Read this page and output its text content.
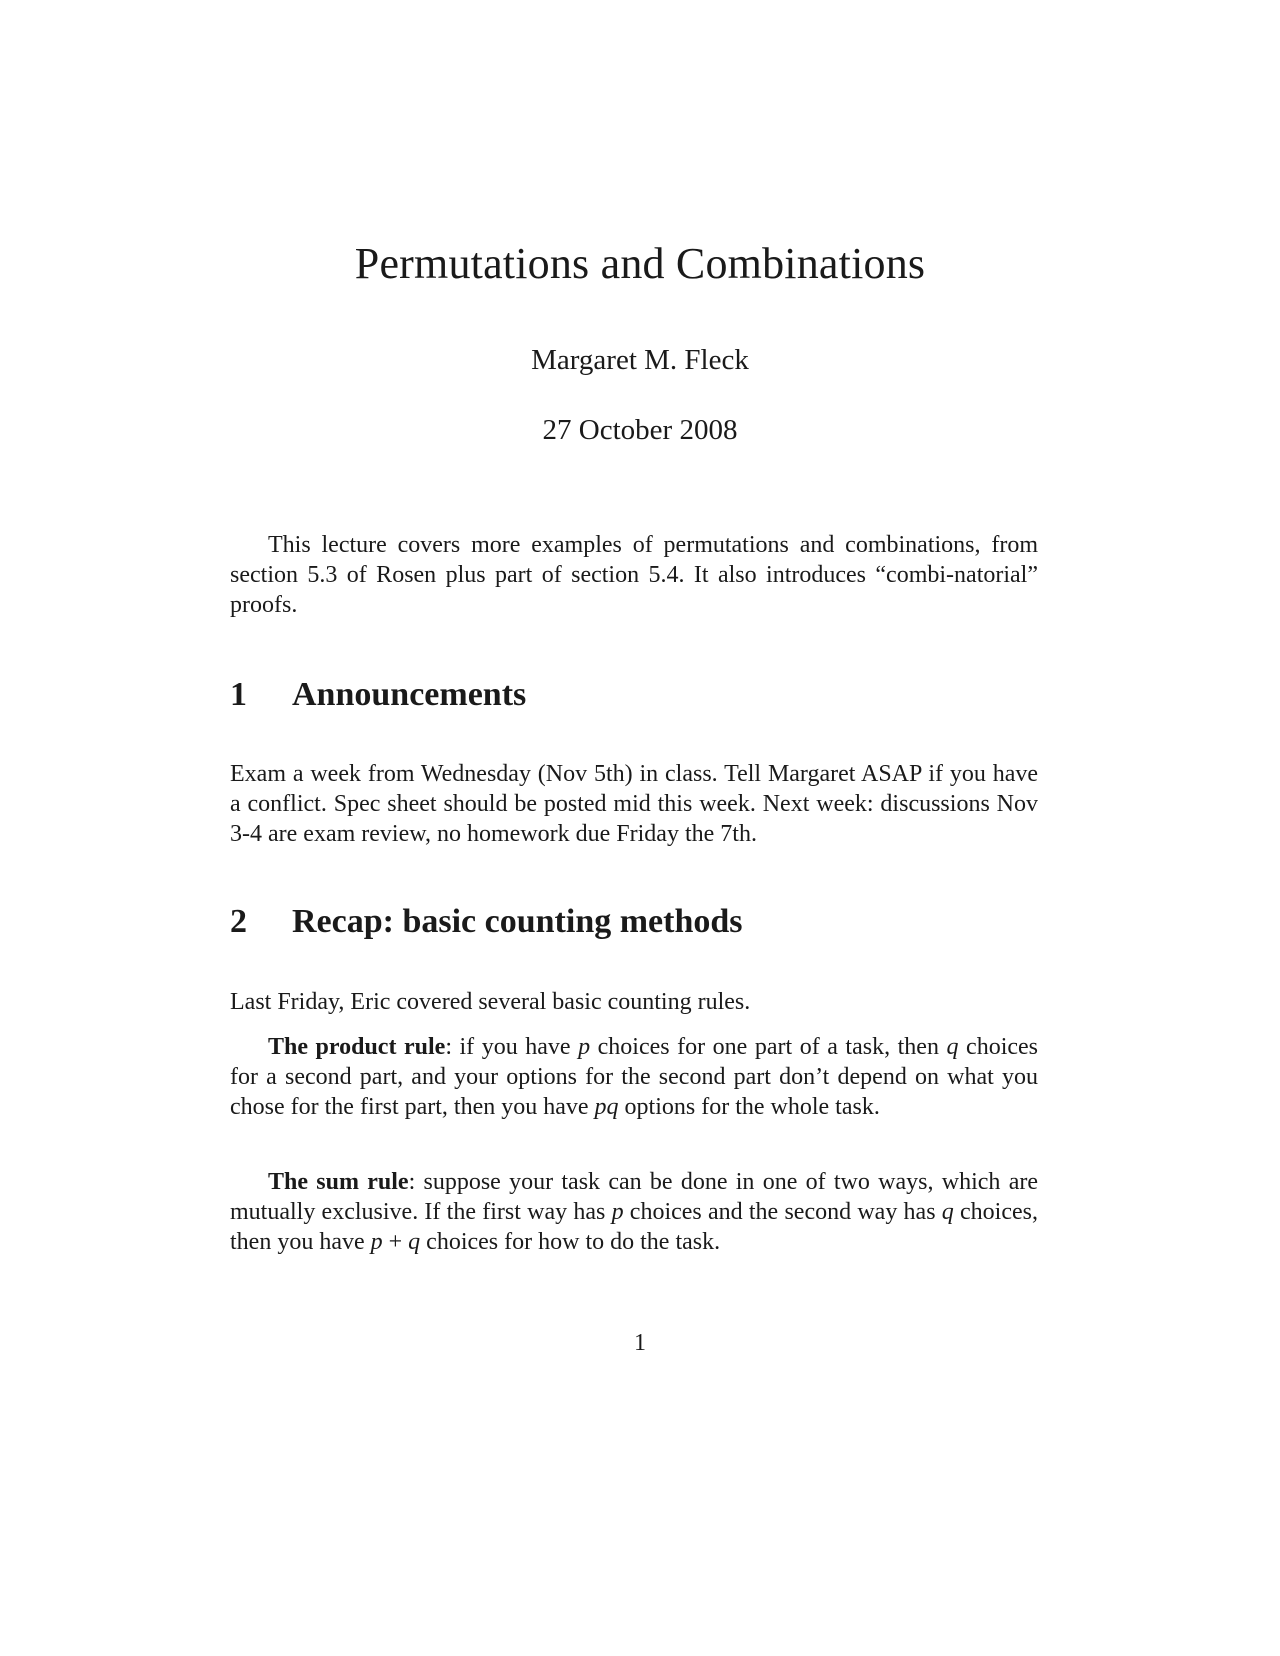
Permutations and Combinations
Margaret M. Fleck
27 October 2008

This lecture covers more examples of permutations and combinations, from section 5.3 of Rosen plus part of section 5.4. It also introduces “combi-natorial” proofs.

1 Announcements

Exam a week from Wednesday (Nov 5th) in class. Tell Margaret ASAP if you have a conflict. Spec sheet should be posted mid this week. Next week: discussions Nov 3-4 are exam review, no homework due Friday the 7th.

2 Recap: basic counting methods

Last Friday, Eric covered several basic counting rules.

The product rule: if you have p choices for one part of a task, then q choices for a second part, and your options for the second part don’t depend on what you chose for the first part, then you have pq options for the whole task.

The sum rule: suppose your task can be done in one of two ways, which are mutually exclusive. If the first way has p choices and the second way has q choices, then you have p + q choices for how to do the task.

1
